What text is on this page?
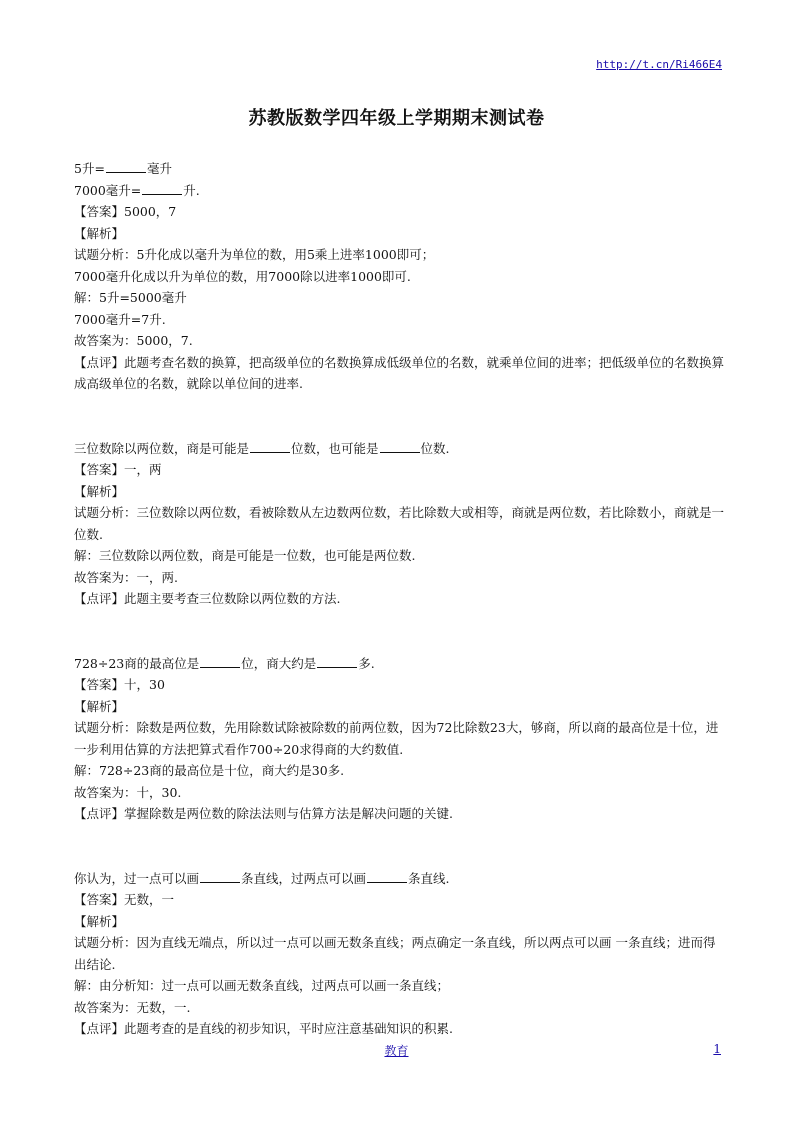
http://t.cn/Ri466E4
苏教版数学四年级上学期期末测试卷

5升=	毫升

7000毫升=	升.

【答案】5000，7

【解析】

试题分析：5升化成以毫升为单位的数，用5乘上进率1000即可；

7000毫升化成以升为单位的数，用7000除以进率1000即可.

解：5升=5000毫升

7000毫升=7升.

故答案为：5000，7.

【点评】此题考查名数的换算，把高级单位的名数换算成低级单位的名数，就乘单位间的进率；把低级单位的名数换算成高级单位的名数，就除以单位间的进率.

三位数除以两位数，商是可能是	位数，也可能是	位数.

【答案】一，两

【解析】

试题分析：三位数除以两位数，看被除数从左边数两位数，若比除数大或相等，商就是两位数，若比除数小，商就是一位数.

解：三位数除以两位数，商是可能是一位数，也可能是两位数.

故答案为：一，两.

【点评】此题主要考查三位数除以两位数的方法.

728÷23商的最高位是	位，商大约是	多.

【答案】十，30

【解析】

试题分析：除数是两位数，先用除数试除被除数的前两位数，因为72比除数23大，够商，所以商的最高位是十位，进一步利用估算的方法把算式看作700÷20求得商的大约数值.

解：728÷23商的最高位是十位，商大约是30多.

故答案为：十，30.

【点评】掌握除数是两位数的除法法则与估算方法是解决问题的关键.

你认为，过一点可以画	条直线，过两点可以画	条直线.

【答案】无数，一

【解析】

试题分析：因为直线无端点，所以过一点可以画无数条直线；两点确定一条直线，所以两点可以画 一条直线；进而得出结论.

解：由分析知：过一点可以画无数条直线，过两点可以画一条直线；

故答案为：无数，一.

【点评】此题考查的是直线的初步知识，平时应注意基础知识的积累.

教育	1
